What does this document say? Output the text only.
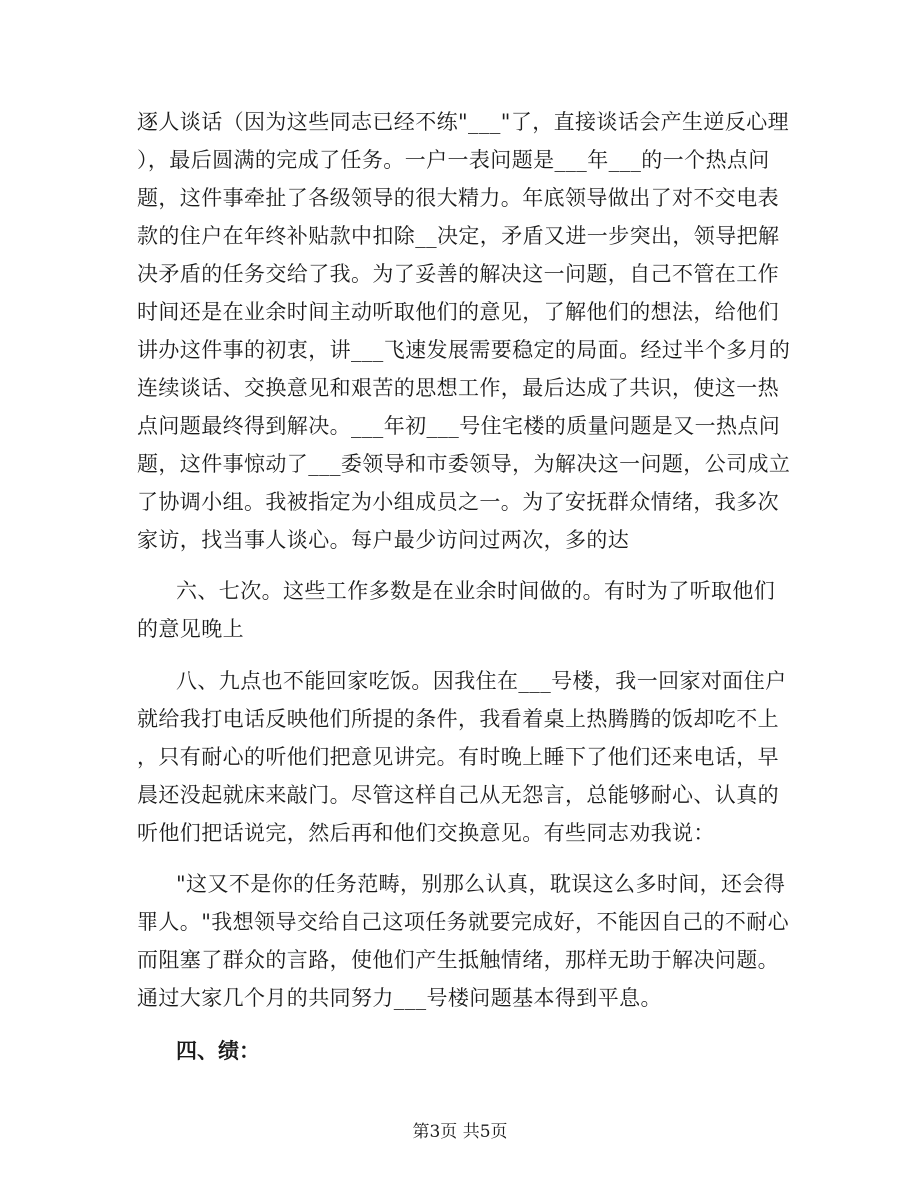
逐人谈话（因为这些同志已经不练"___"了，直接谈话会产生逆反心理
），最后圆满的完成了任务。一户一表问题是___年___的一个热点问
题，这件事牵扯了各级领导的很大精力。年底领导做出了对不交电表
款的住户在年终补贴款中扣除__决定，矛盾又进一步突出，领导把解
决矛盾的任务交给了我。为了妥善的解决这一问题，自己不管在工作
时间还是在业余时间主动听取他们的意见，了解他们的想法，给他们
讲办这件事的初衷，讲___飞速发展需要稳定的局面。经过半个多月的
连续谈话、交换意见和艰苦的思想工作，最后达成了共识，使这一热
点问题最终得到解决。___年初___号住宅楼的质量问题是又一热点问
题，这件事惊动了___委领导和市委领导，为解决这一问题，公司成立
了协调小组。我被指定为小组成员之一。为了安抚群众情绪，我多次
家访，找当事人谈心。每户最少访问过两次，多的达
六、七次。这些工作多数是在业余时间做的。有时为了听取他们
的意见晚上
八、九点也不能回家吃饭。因我住在___号楼，我一回家对面住户
就给我打电话反映他们所提的条件，我看着桌上热腾腾的饭却吃不上
，只有耐心的听他们把意见讲完。有时晚上睡下了他们还来电话，早
晨还没起就床来敲门。尽管这样自己从无怨言，总能够耐心、认真的
听他们把话说完，然后再和他们交换意见。有些同志劝我说：
"这又不是你的任务范畴，别那么认真，耽误这么多时间，还会得
罪人。"我想领导交给自己这项任务就要完成好，不能因自己的不耐心
而阻塞了群众的言路，使他们产生抵触情绪，那样无助于解决问题。
通过大家几个月的共同努力___号楼问题基本得到平息。
四、绩：
第3页 共5页
